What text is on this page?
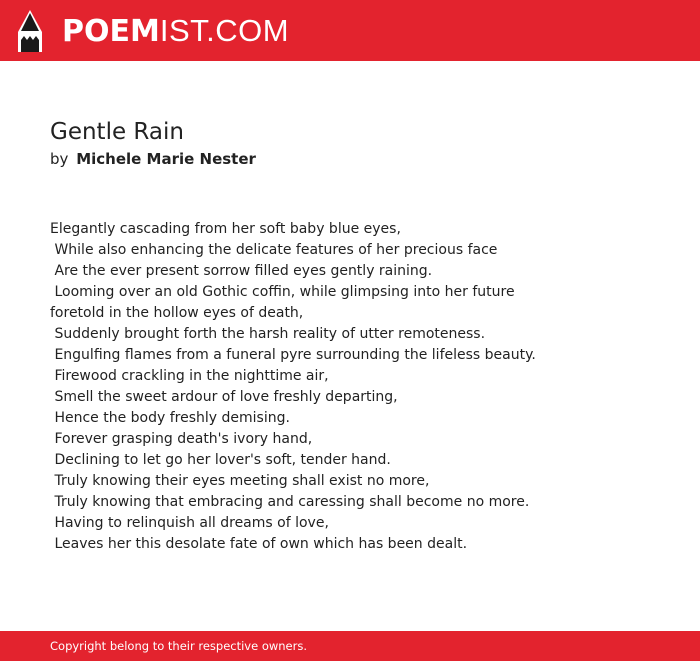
POEMIST.COM
Gentle Rain
by Michele Marie Nester
Elegantly cascading from her soft baby blue eyes,
While also enhancing the delicate features of her precious face
Are the ever present sorrow filled eyes gently raining.
Looming over an old Gothic coffin, while glimpsing into her future
foretold in the hollow eyes of death,
Suddenly brought forth the harsh reality of utter remoteness.
Engulfing flames from a funeral pyre surrounding the lifeless beauty.
Firewood crackling in the nighttime air,
Smell the sweet ardour of love freshly departing,
Hence the body freshly demising.
Forever grasping death's ivory hand,
Declining to let go her lover's soft, tender hand.
Truly knowing their eyes meeting shall exist no more,
Truly knowing that embracing and caressing shall become no more.
Having to relinquish all dreams of love,
Leaves her this desolate fate of own which has been dealt.
Copyright belong to their respective owners.
